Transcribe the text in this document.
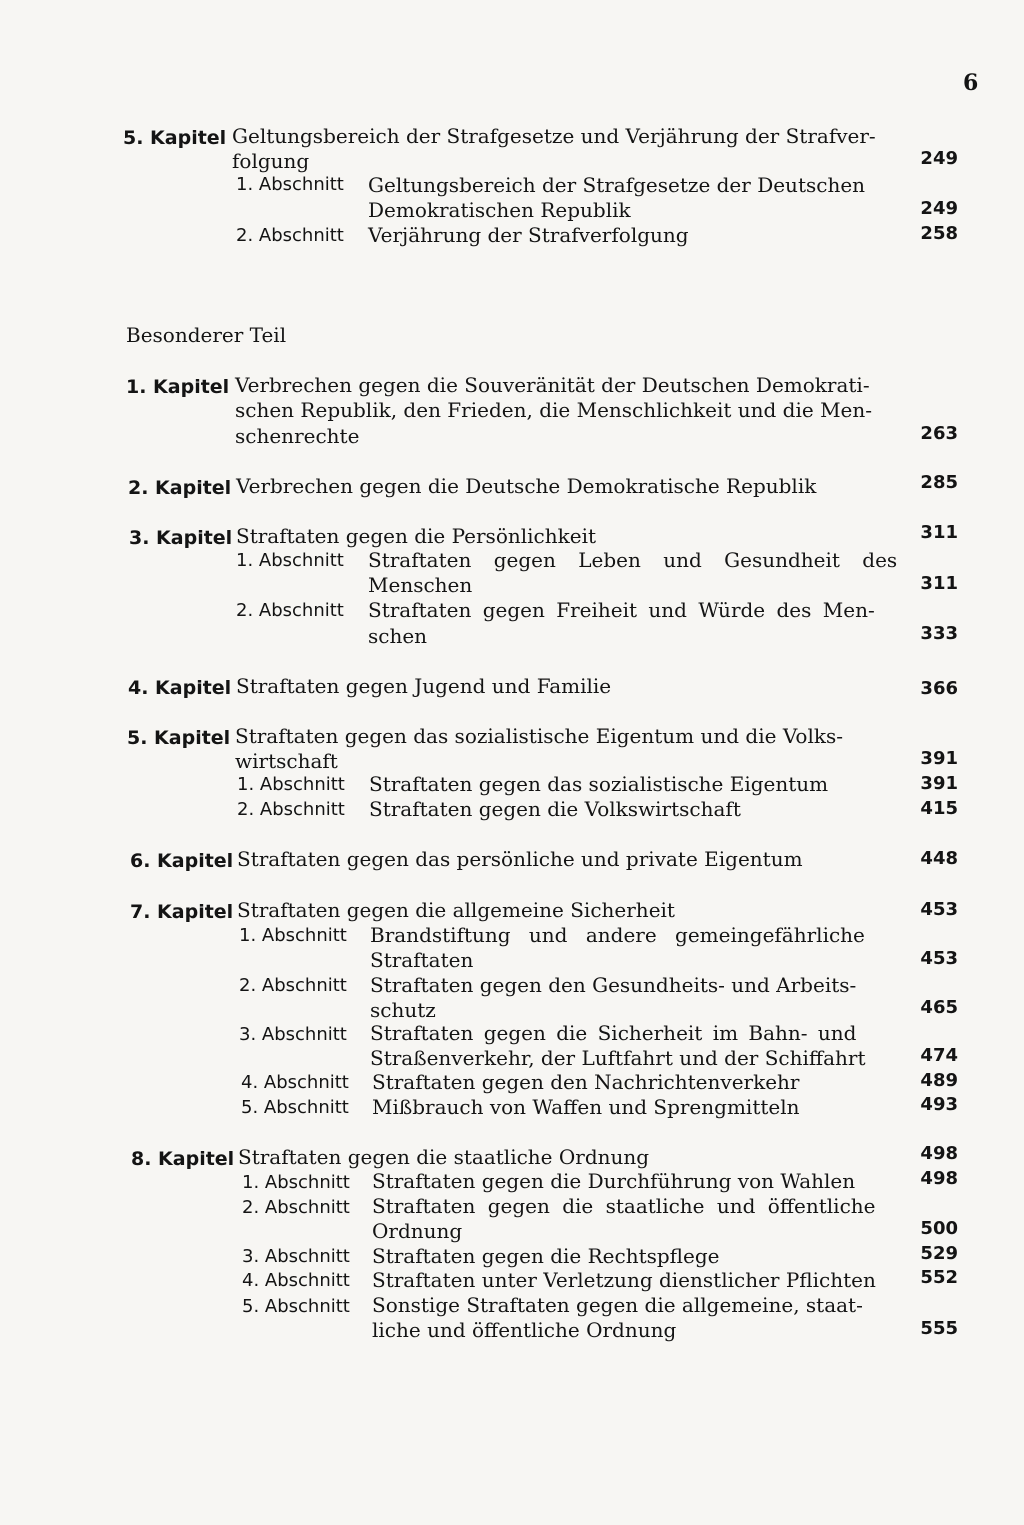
6
5. Kapitel Geltungsbereich der Strafgesetze und Verjährung der Strafver-
folgung	249
1. Abschnitt Geltungsbereich der Strafgesetze der Deutschen
Demokratischen Republik	249
2. Abschnitt Verjährung der Strafverfolgung	258
Besonderer Teil
1. Kapitel Verbrechen gegen die Souveränität der Deutschen Demokrati-
schen Republik, den Frieden, die Menschlichkeit und die Men-
schenrechte	263
2. Kapitel Verbrechen gegen die Deutsche Demokratische Republik	285
3. Kapitel Straftaten gegen die Persönlichkeit	311
1. Abschnitt Straftaten gegen Leben und Gesundheit des
Menschen	311
2. Abschnitt Straftaten gegen Freiheit und Würde des Men-
schen	333
4. Kapitel Straftaten gegen Jugend und Familie	366
5. Kapitel Straftaten gegen das sozialistische Eigentum und die Volks-
wirtschaft	391
1. Abschnitt Straftaten gegen das sozialistische Eigentum	391
2. Abschnitt Straftaten gegen die Volkswirtschaft	415
6. Kapitel Straftaten gegen das persönliche und private Eigentum	448
7. Kapitel Straftaten gegen die allgemeine Sicherheit	453
1. Abschnitt Brandstiftung und andere gemeingefährliche
Straftaten	453
2. Abschnitt Straftaten gegen den Gesundheits- und Arbeits-
schutz	465
3. Abschnitt Straftaten gegen die Sicherheit im Bahn- und
Straßenverkehr, der Luftfahrt und der Schiffahrt	474
4. Abschnitt Straftaten gegen den Nachrichtenverkehr	489
5. Abschnitt Mißbrauch von Waffen und Sprengmitteln	493
8. Kapitel Straftaten gegen die staatliche Ordnung	498
1. Abschnitt Straftaten gegen die Durchführung von Wahlen	498
2. Abschnitt Straftaten gegen die staatliche und öffentliche
Ordnung	500
3. Abschnitt Straftaten gegen die Rechtspflege	529
4. Abschnitt Straftaten unter Verletzung dienstlicher Pflichten 552
5. Abschnitt Sonstige Straftaten gegen die allgemeine, staat-
liche und öffentliche Ordnung	555
